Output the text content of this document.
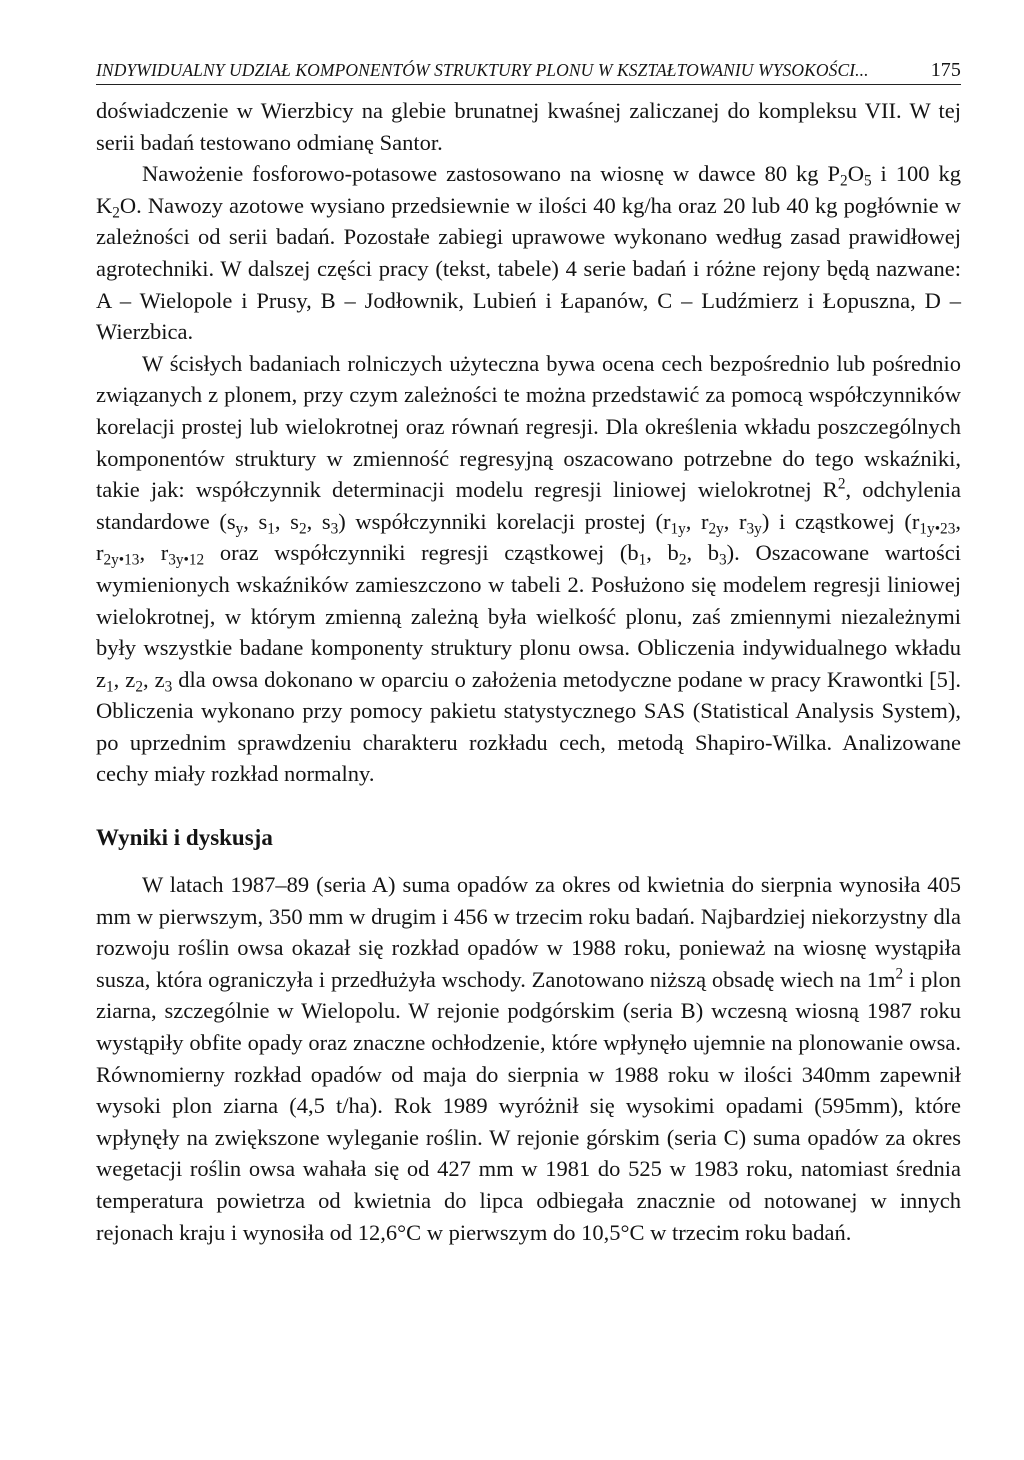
INDYWIDUALNY UDZIAŁ KOMPONENTÓW STRUKTURY PLONU W KSZTAŁTOWANIU WYSOKOŚCI...	175

doświadczenie w Wierzbicy na glebie brunatnej kwaśnej zaliczanej do kompleksu VII. W tej serii badań testowano odmianę Santor.

Nawożenie fosforowo-potasowe zastosowano na wiosnę w dawce 80 kg $P_2O_5$ i 100 kg $K_2O$. Nawozy azotowe wysiano przedsiewnie w ilości 40 kg/ha oraz 20 lub 40 kg pogłównie w zależności od serii badań. Pozostałe zabiegi uprawowe wykonano według zasad prawidłowej agrotechniki. W dalszej części pracy (tekst, tabele) 4 serie badań i różne rejony będą nazwane: A – Wielopole i Prusy, B – Jodłownik, Lubień i Łapanów, C – Ludźmierz i Łopuszna, D – Wierzbica.

W ścisłych badaniach rolniczych użyteczna bywa ocena cech bezpośrednio lub pośrednio związanych z plonem, przy czym zależności te można przedstawić za pomocą współczynników korelacji prostej lub wielokrotnej oraz równań regresji. Dla określenia wkładu poszczególnych komponentów struktury w zmienność regresyjną oszacowano potrzebne do tego wskaźniki, takie jak: współczynnik determinacji modelu regresji liniowej wielokrotnej $R^2$, odchylenia standardowe ($s_y$, $s_1$, $s_2$, $s_3$) współczynniki korelacji prostej ($r_{1y}$, $r_{2y}$, $r_{3y}$) i cząstkowej ($r_{1y•23}$, $r_{2y•13}$, $r_{3y•12}$ oraz współczynniki regresji cząstkowej ($b_1$, $b_2$, $b_3$). Oszacowane wartości wymienionych wskaźników zamieszczono w tabeli 2. Posłużono się modelem regresji liniowej wielokrotnej, w którym zmienną zależną była wielkość plonu, zaś zmiennymi niezależnymi były wszystkie badane komponenty struktury plonu owsa. Obliczenia indywidualnego wkładu $z_1$, $z_2$, $z_3$ dla owsa dokonano w oparciu o założenia metodyczne podane w pracy Krawontki [5]. Obliczenia wykonano przy pomocy pakietu statystycznego SAS (Statistical Analysis System), po uprzednim sprawdzeniu charakteru rozkładu cech, metodą Shapiro-Wilka. Analizowane cechy miały rozkład normalny.

Wyniki i dyskusja

W latach 1987–89 (seria A) suma opadów za okres od kwietnia do sierpnia wynosiła 405 mm w pierwszym, 350 mm w drugim i 456 w trzecim roku badań. Najbardziej niekorzystny dla rozwoju roślin owsa okazał się rozkład opadów w 1988 roku, ponieważ na wiosnę wystąpiła susza, która ograniczyła i przedłużyła wschody. Zanotowano niższą obsadę wiech na $1m^2$ i plon ziarna, szczególnie w Wielopolu. W rejonie podgórskim (seria B) wczesną wiosną 1987 roku wystąpiły obfite opady oraz znaczne ochłodzenie, które wpłynęło ujemnie na plonowanie owsa. Równomierny rozkład opadów od maja do sierpnia w 1988 roku w ilości 340mm zapewnił wysoki plon ziarna (4,5 t/ha). Rok 1989 wyróżnił się wysokimi opadami (595mm), które wpłynęły na zwiększone wyleganie roślin. W rejonie górskim (seria C) suma opadów za okres wegetacji roślin owsa wahała się od 427 mm w 1981 do 525 w 1983 roku, natomiast średnia temperatura powietrza od kwietnia do lipca odbiegała znacznie od notowanej w innych rejonach kraju i wynosiła od 12,6°C w pierwszym do 10,5°C w trzecim roku badań.
